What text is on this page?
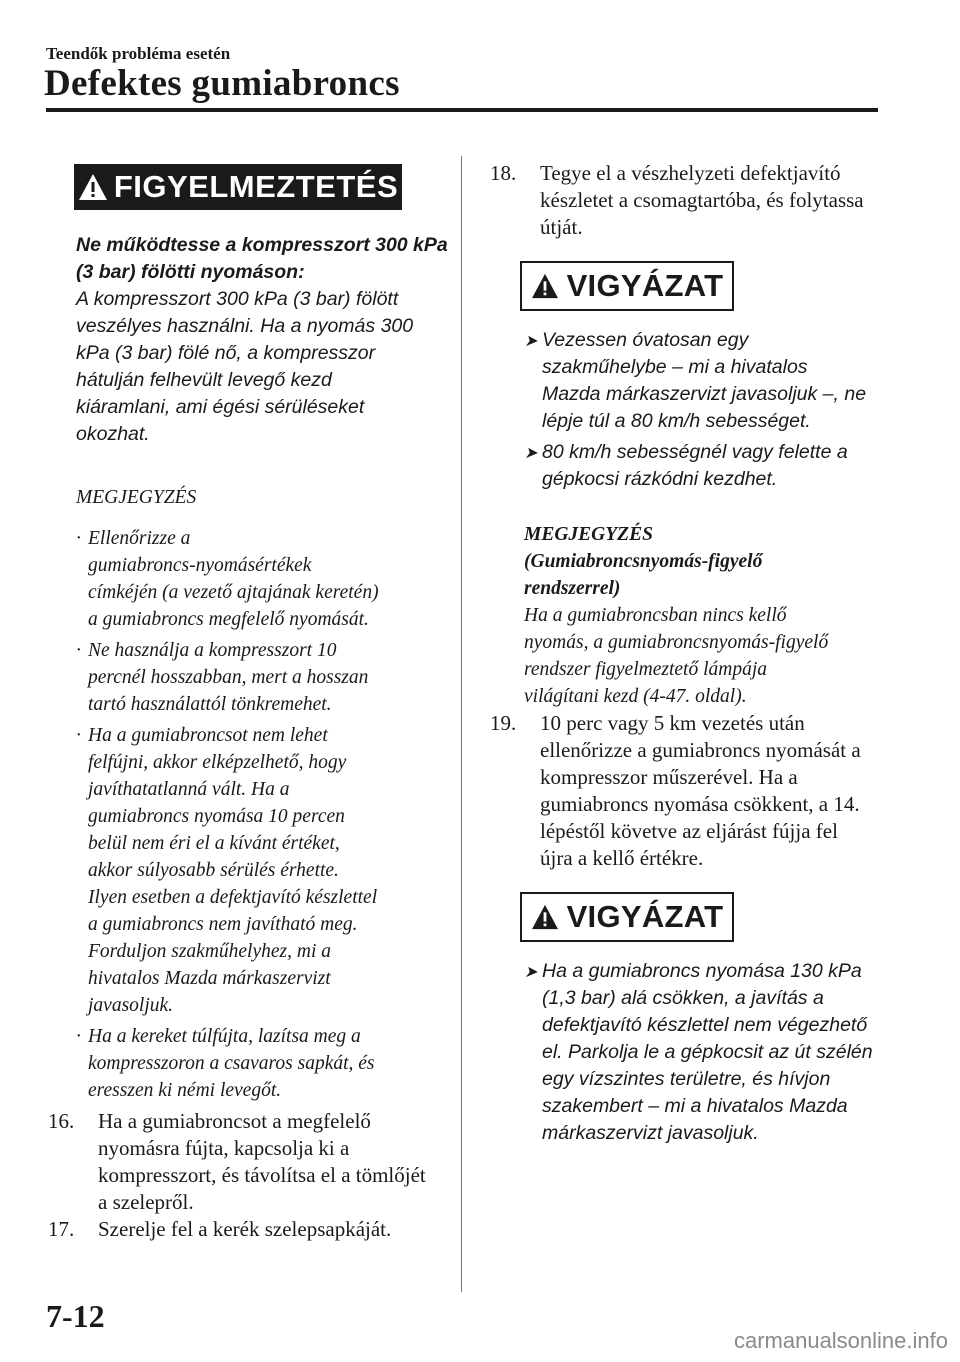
Teendők probléma esetén
Defektes gumiabroncs
FIGYELMEZTETÉS
Ne működtesse a kompresszort 300 kPa
(3 bar) fölötti nyomáson:
A kompresszort 300 kPa (3 bar) fölött
veszélyes használni. Ha a nyomás 300
kPa (3 bar) fölé nő, a kompresszor
hátulján felhevült levegő kezd
kiáramlani, ami égési sérüléseket
okozhat.
MEGJEGYZÉS
· Ellenőrizze a
gumiabroncs-nyomásértékek
címkéjén (a vezető ajtajának keretén)
a gumiabroncs megfelelő nyomását.
· Ne használja a kompresszort 10
percnél hosszabban, mert a hosszan
tartó használattól tönkremehet.
· Ha a gumiabroncsot nem lehet
felfújni, akkor elképzelhető, hogy
javíthatatlanná vált. Ha a
gumiabroncs nyomása 10 percen
belül nem éri el a kívánt értéket,
akkor súlyosabb sérülés érhette.
Ilyen esetben a defektjavító készlettel
a gumiabroncs nem javítható meg.
Forduljon szakműhelyhez, mi a
hivatalos Mazda márkaszervizt
javasoljuk.
· Ha a kereket túlfújta, lazítsa meg a
kompresszoron a csavaros sapkát, és
eresszen ki némi levegőt.
16.	Ha a gumiabroncsot a megfelelő
nyomásra fújta, kapcsolja ki a
kompresszort, és távolítsa el a tömlőjét
a szelepről.
17.	Szerelje fel a kerék szelepsapkáját.
18.	Tegye el a vészhelyzeti defektjavító
készletet a csomagtartóba, és folytassa
útját.
VIGYÁZAT
➤ Vezessen óvatosan egy
szakműhelybe – mi a hivatalos
Mazda márkaszervizt javasoljuk –, ne
lépje túl a 80 km/h sebességet.
➤ 80 km/h sebességnél vagy felette a
gépkocsi rázkódni kezdhet.
MEGJEGYZÉS
(Gumiabroncsnyomás-figyelő
rendszerrel)
Ha a gumiabroncsban nincs kellő
nyomás, a gumiabroncsnyomás-figyelő
rendszer figyelmeztető lámpája
világítani kezd (4-47. oldal).
19.	10 perc vagy 5 km vezetés után
ellenőrizze a gumiabroncs nyomását a
kompresszor műszerével. Ha a
gumiabroncs nyomása csökkent, a 14.
lépéstől követve az eljárást fújja fel
újra a kellő értékre.
VIGYÁZAT
➤ Ha a gumiabroncs nyomása 130 kPa
(1,3 bar) alá csökken, a javítás a
defektjavító készlettel nem végezhető
el. Parkolja le a gépkocsit az út szélén
egy vízszintes területre, és hívjon
szakembert – mi a hivatalos Mazda
márkaszervizt javasoljuk.
7-12
carmanualsonline.info
